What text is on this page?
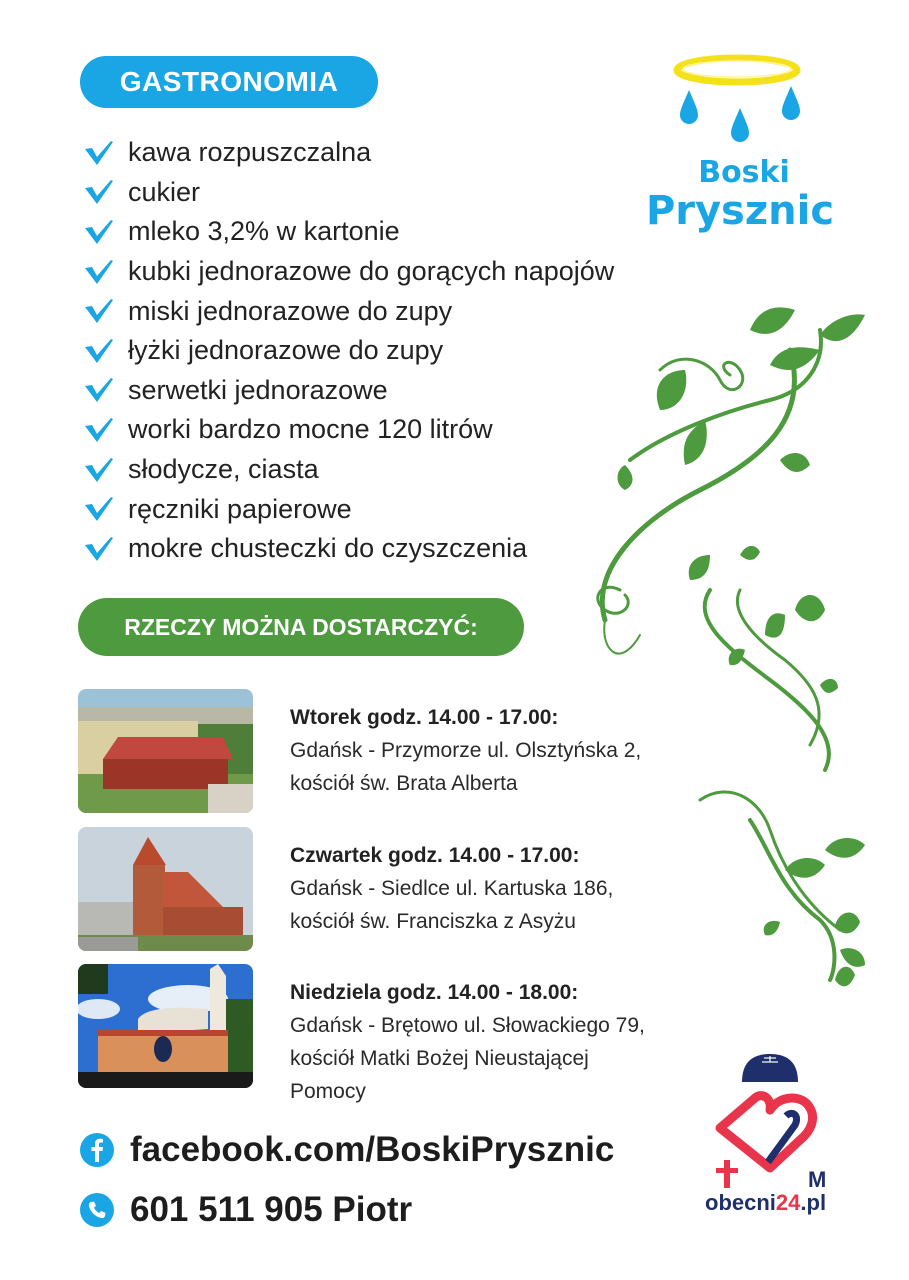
GASTRONOMIA
Boski
Prysznic
kawa rozpuszczalna
cukier
mleko 3,2% w kartonie
kubki jednorazowe do gorących napojów
miski jednorazowe do zupy
łyżki jednorazowe do zupy
serwetki jednorazowe
worki bardzo mocne 120 litrów
słodycze, ciasta
ręczniki papierowe
mokre chusteczki do czyszczenia
RZECZY MOŻNA DOSTARCZYĆ:
Wtorek godz. 14.00 - 17.00:
Gdańsk - Przymorze ul. Olsztyńska 2,
kościół św. Brata Alberta
Czwartek godz. 14.00 - 17.00:
Gdańsk - Siedlce ul. Kartuska 186,
kościół św. Franciszka z Asyżu
Niedziela godz. 14.00 - 18.00:
Gdańsk - Brętowo ul. Słowackiego 79,
kościół Matki Bożej Nieustającej
Pomocy
facebook.com/BoskiPrysznic
601 511 905 Piotr
M
obecni24.pl
